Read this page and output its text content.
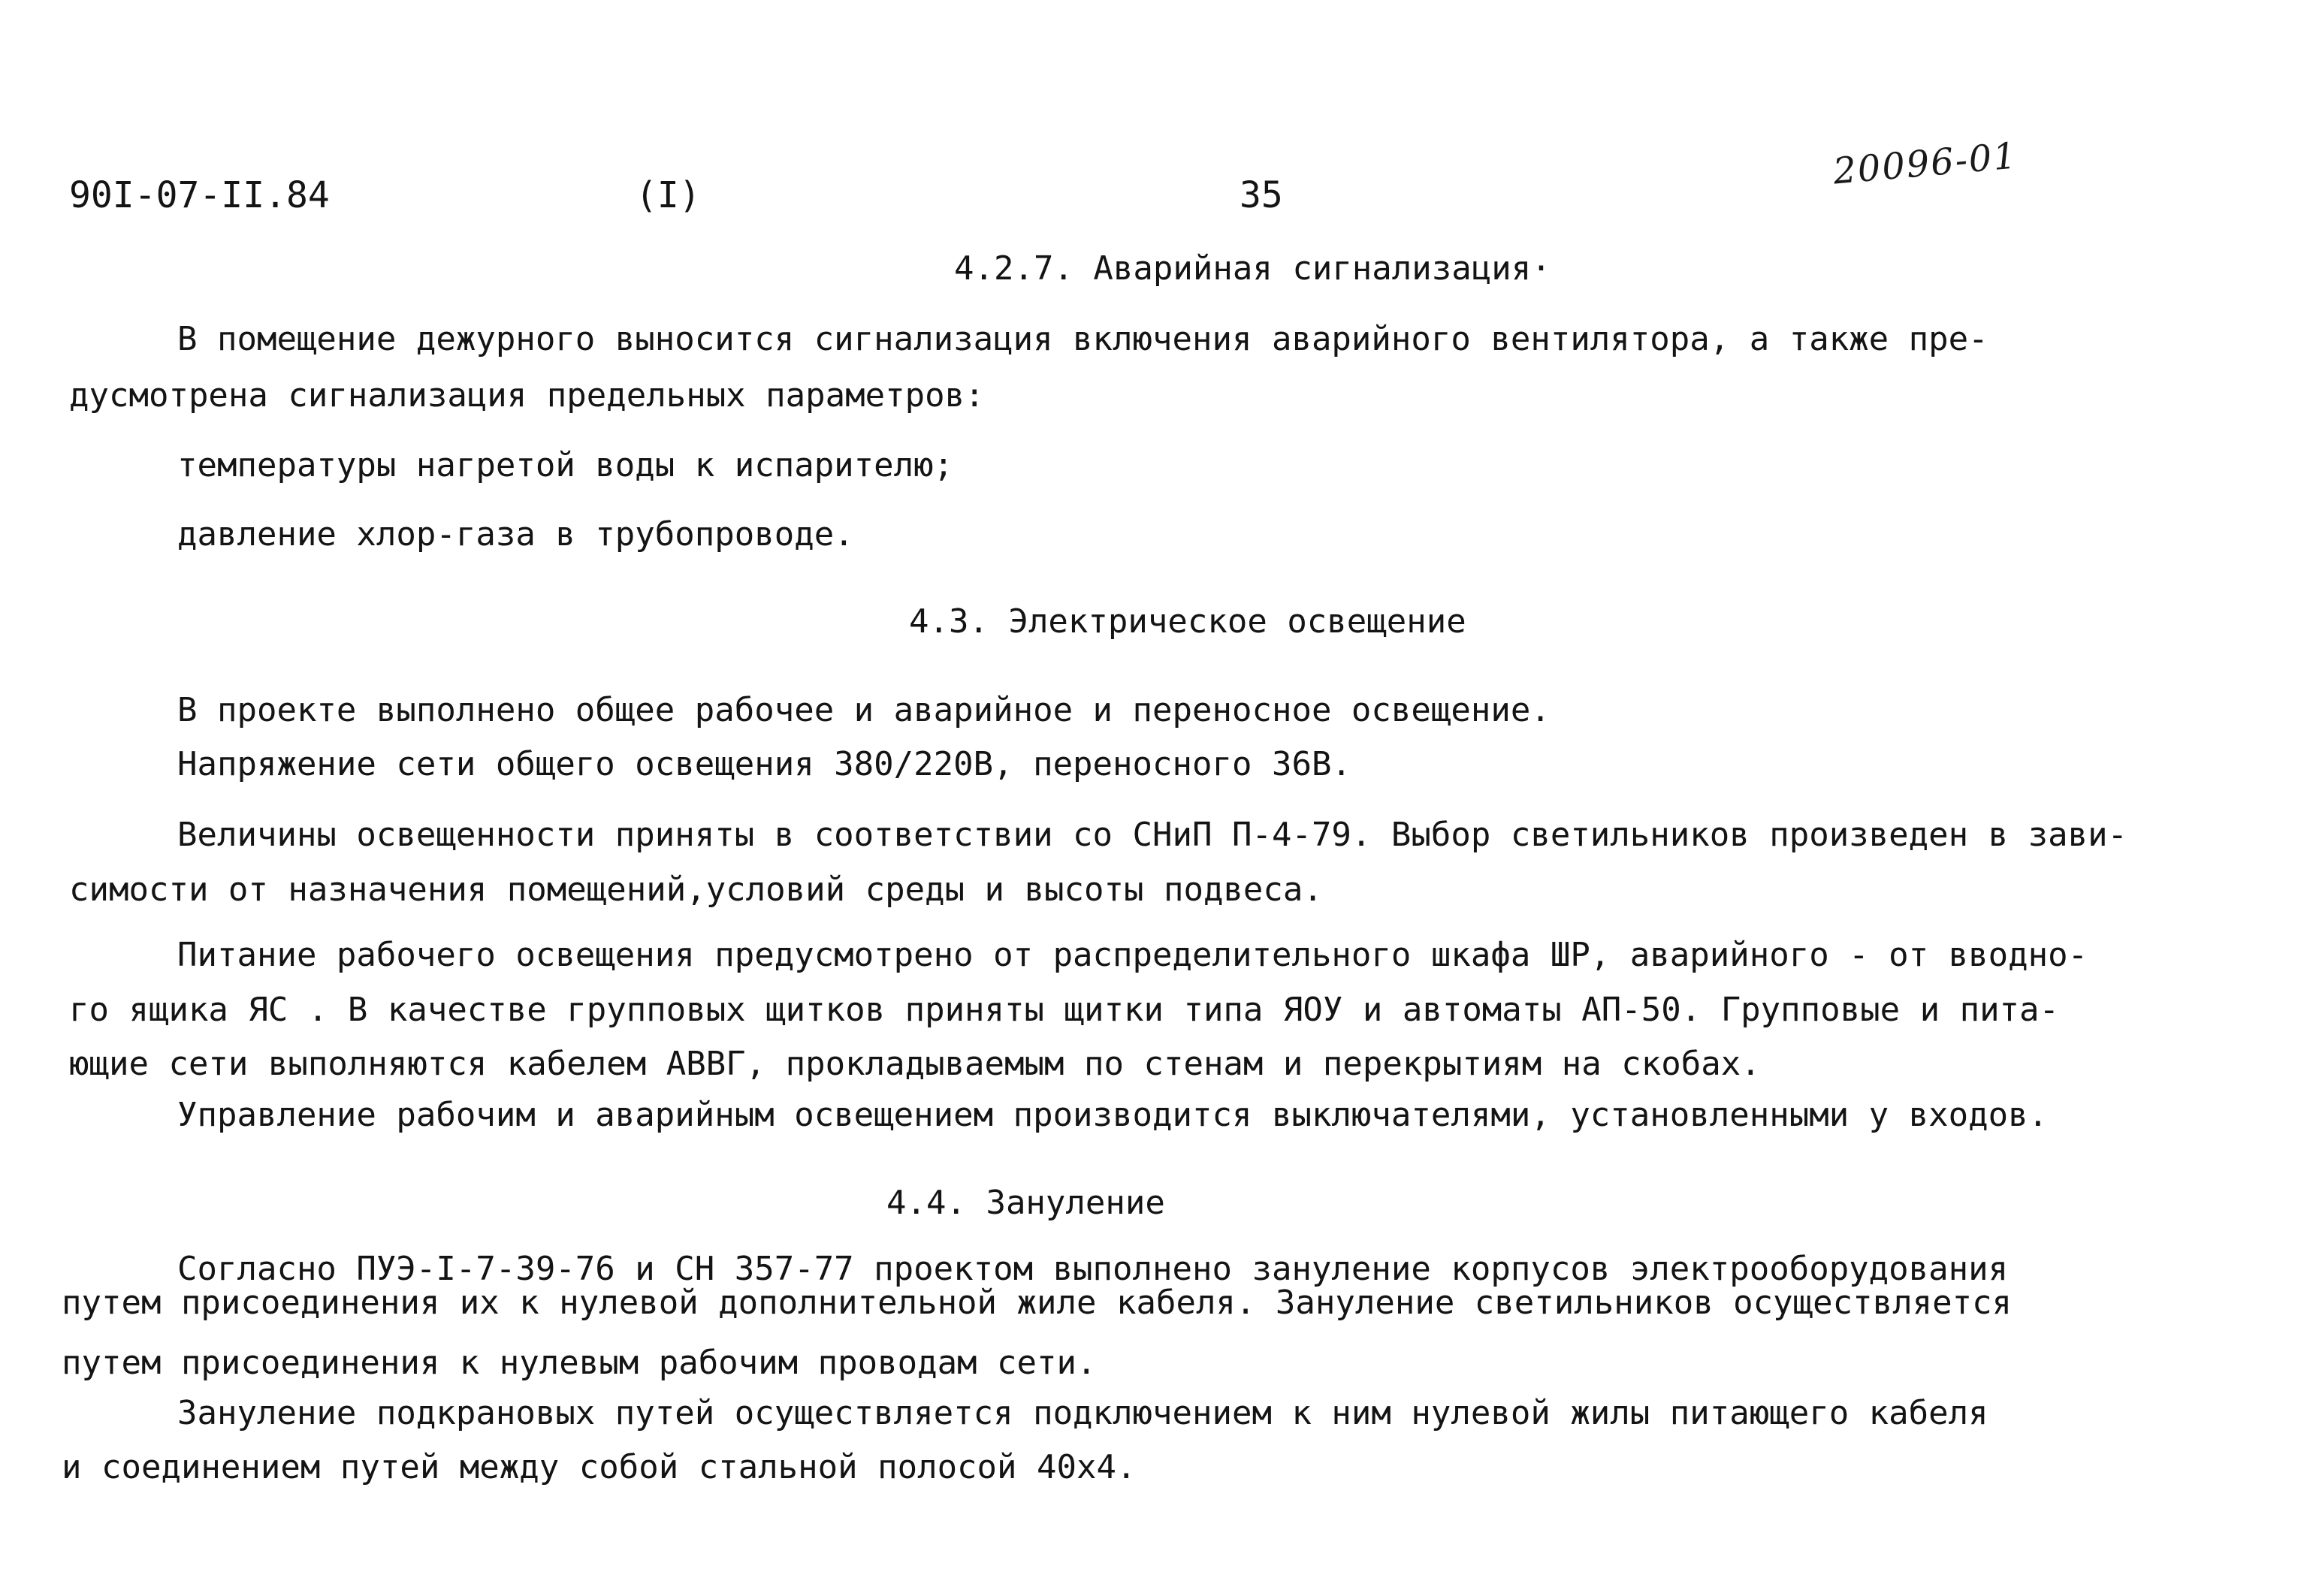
90I-07-II.84	(I)	35
20096-01
4.2.7. Аварийная сигнализация·
В помещение дежурного выносится сигнализация включения аварийного вентилятора, а также пре-
дусмотрена сигнализация предельных параметров:
температуры нагретой воды к испарителю;
давление хлор-газа в трубопроводе.
4.3. Электрическое освещение
В проекте выполнено общее рабочее и аварийное и переносное освещение.
Напряжение сети общего освещения 380/220В, переносного 36В.
Величины освещенности приняты в соответствии со СНиП П-4-79. Выбор светильников произведен в зави-
симости от назначения помещений,условий среды и высоты подвеса.
Питание рабочего освещения предусмотрено от распределительного шкафа ШР, аварийного - от вводно-
го ящика ЯС . В качестве групповых щитков приняты щитки типа ЯОУ и автоматы АП-50. Групповые и пита-
ющие сети выполняются кабелем АВВГ, прокладываемым по стенам и перекрытиям на скобах.
Управление рабочим и аварийным освещением производится выключателями, установленными у входов.
4.4. Зануление
Согласно ПУЭ-I-7-39-76 и СН 357-77 проектом выполнено зануление корпусов электрооборудования
путем присоединения их к нулевой дополнительной жиле кабеля. Зануление светильников осуществляется
путем присоединения к нулевым рабочим проводам сети.
Зануление подкрановых путей осуществляется подключением к ним нулевой жилы питающего кабеля
и соединением путей между собой стальной полосой 40х4.
